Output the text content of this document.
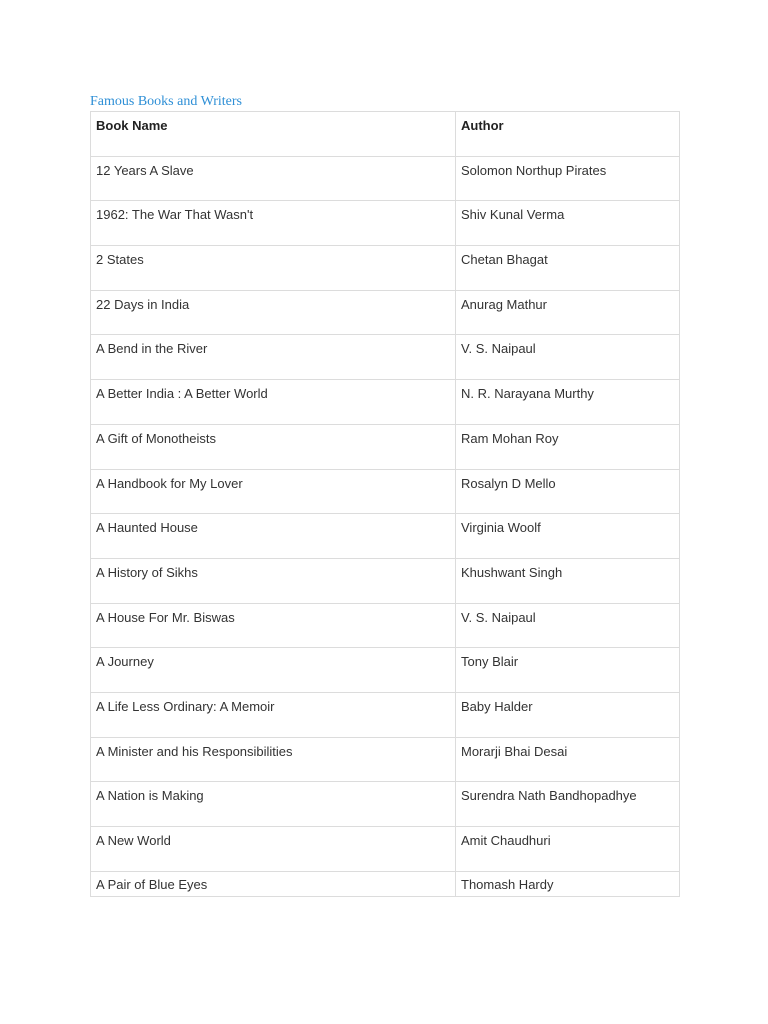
Famous Books and Writers
Book Name	Author
12 Years A Slave	Solomon Northup Pirates
1962: The War That Wasn't	Shiv Kunal Verma
2 States	Chetan Bhagat
22 Days in India	Anurag Mathur
A Bend in the River	V. S. Naipaul
A Better India : A Better World	N. R. Narayana Murthy
A Gift of Monotheists	Ram Mohan Roy
A Handbook for My Lover	Rosalyn D Mello
A Haunted House	Virginia Woolf
A History of Sikhs	Khushwant Singh
A House For Mr. Biswas	V. S. Naipaul
A Journey	Tony Blair
A Life Less Ordinary: A Memoir	Baby Halder
A Minister and his Responsibilities	Morarji Bhai Desai
A Nation is Making	Surendra Nath Bandhopadhye
A New World	Amit Chaudhuri
A Pair of Blue Eyes	Thomash Hardy
